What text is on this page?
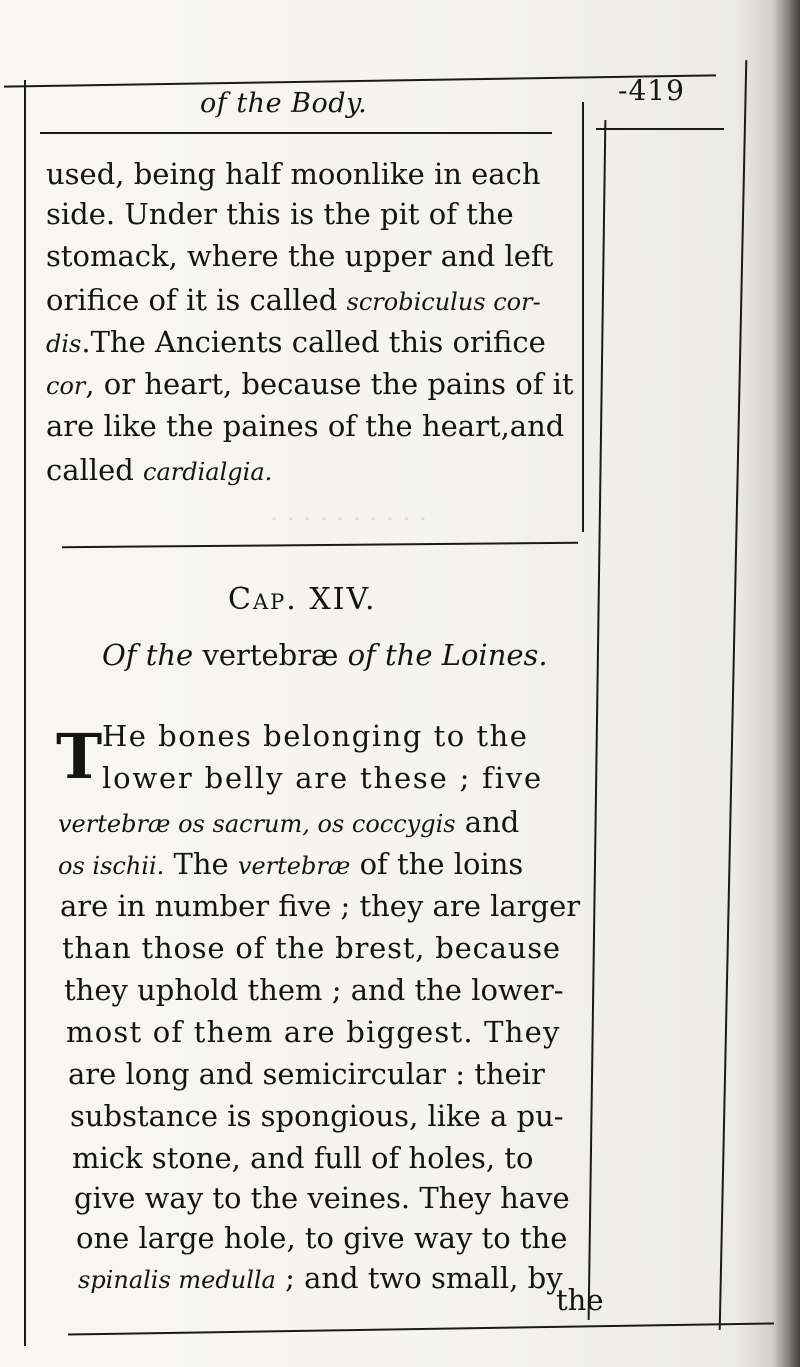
· · · · · · · · · ·
of the Body.	-419
used, being half moonlike in each
side. Under this is the pit of the
stomack, where the upper and left
orifice of it is called scrobiculus cor-
dis.The Ancients called this orifice
cor, or heart, because the pains of it
are like the paines of the heart,and
called cardialgia.
Cap. XIV.
Of the vertebræ of the Loines.
T He bones belonging to the
lower belly are these ; five
vertebræ os sacrum, os coccygis and
os ischii. The vertebræ of the loins
are in number five ; they are larger
than those of the brest, because
they uphold them ; and the lower-
most of them are biggest. They
are long and semicircular : their
substance is spongious, like a pu-
mick stone, and full of holes, to
give way to the veines. They have
one large hole, to give way to the
spinalis medulla ; and two small, by
the
